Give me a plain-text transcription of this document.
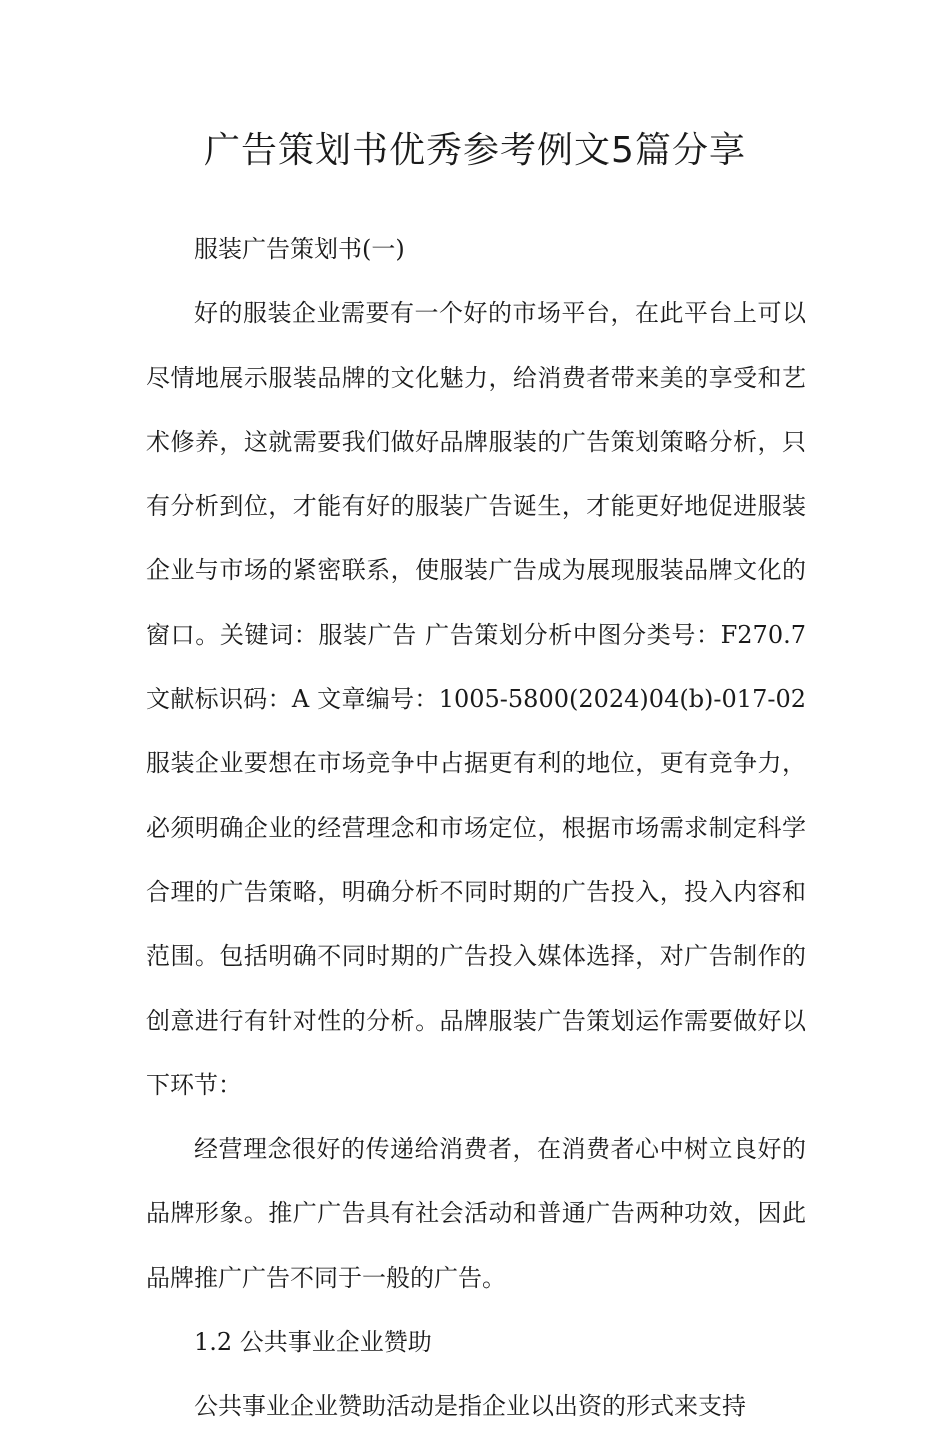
广告策划书优秀参考例文5篇分享

服装广告策划书(一)

好的服装企业需要有一个好的市场平台，在此平台上可以尽情地展示服装品牌的文化魅力，给消费者带来美的享受和艺术修养，这就需要我们做好品牌服装的广告策划策略分析，只有分析到位，才能有好的服装广告诞生，才能更好地促进服装企业与市场的紧密联系，使服装广告成为展现服装品牌文化的窗口。关键词：服装广告 广告策划分析中图分类号：F270.7 文献标识码：A 文章编号：1005-5800(2024)04(b)-017-02服装企业要想在市场竞争中占据更有利的地位，更有竞争力，必须明确企业的经营理念和市场定位，根据市场需求制定科学合理的广告策略，明确分析不同时期的广告投入，投入内容和范围。包括明确不同时期的广告投入媒体选择，对广告制作的创意进行有针对性的分析。品牌服装广告策划运作需要做好以下环节：

经营理念很好的传递给消费者，在消费者心中树立良好的品牌形象。推广广告具有社会活动和普通广告两种功效，因此品牌推广广告不同于一般的广告。

1.2 公共事业企业赞助

公共事业企业赞助活动是指企业以出资的形式来支持
